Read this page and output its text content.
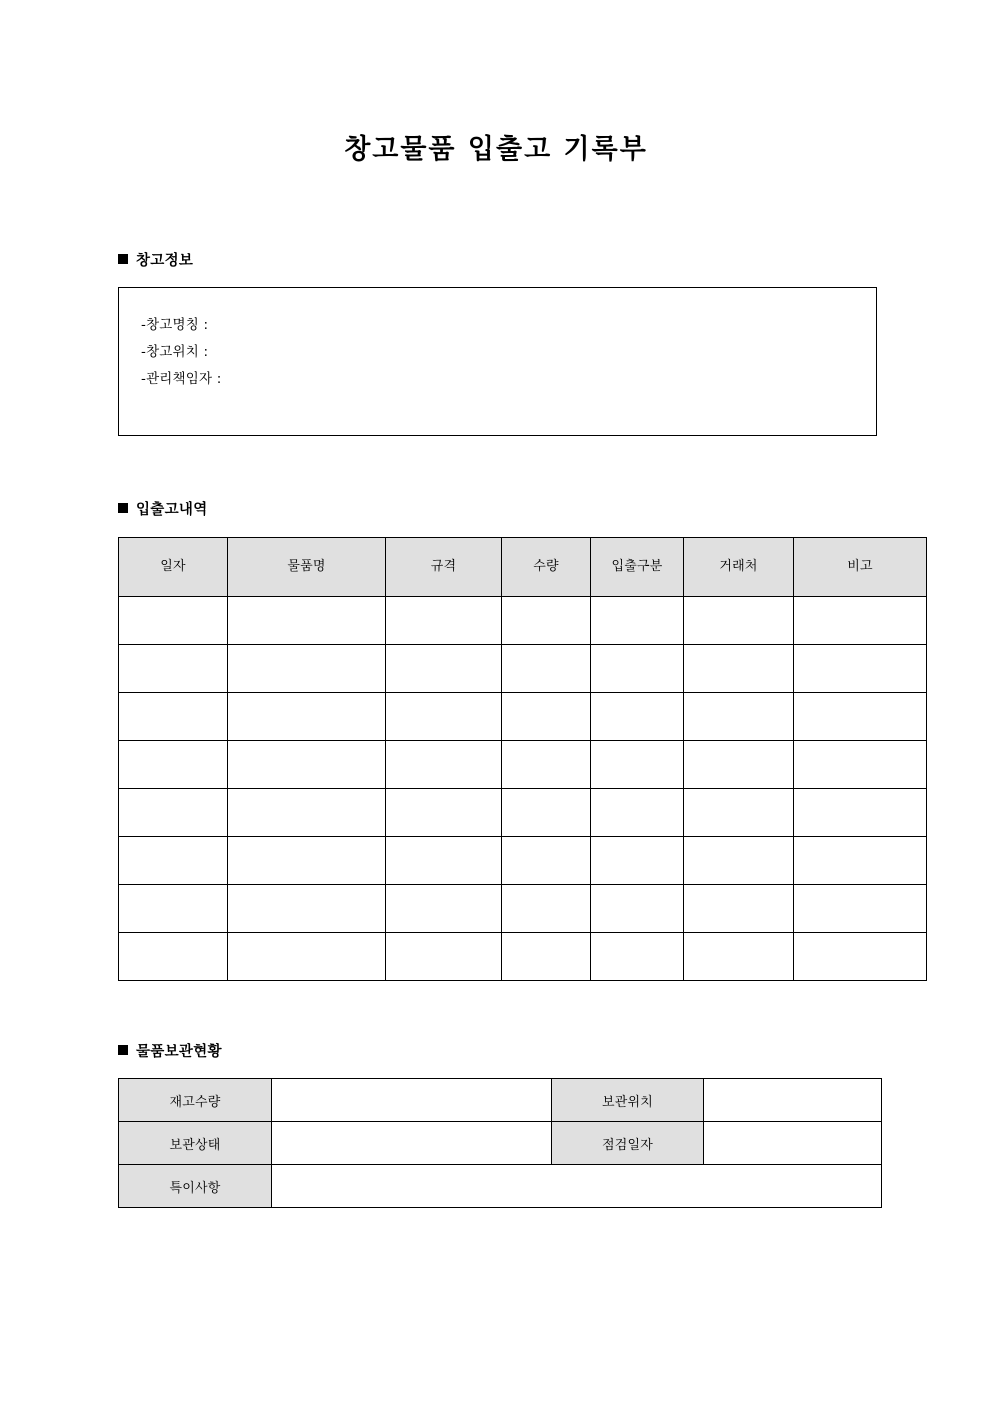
창고물품 입출고 기록부
창고정보
-창고명칭 :
-창고위치 :
-관리책임자 :
입출고내역
일자	물품명	규격	수량	입출구분	거래처	비고

물품보관현황
재고수량		보관위치	
보관상태		점검일자	
특이사항			
